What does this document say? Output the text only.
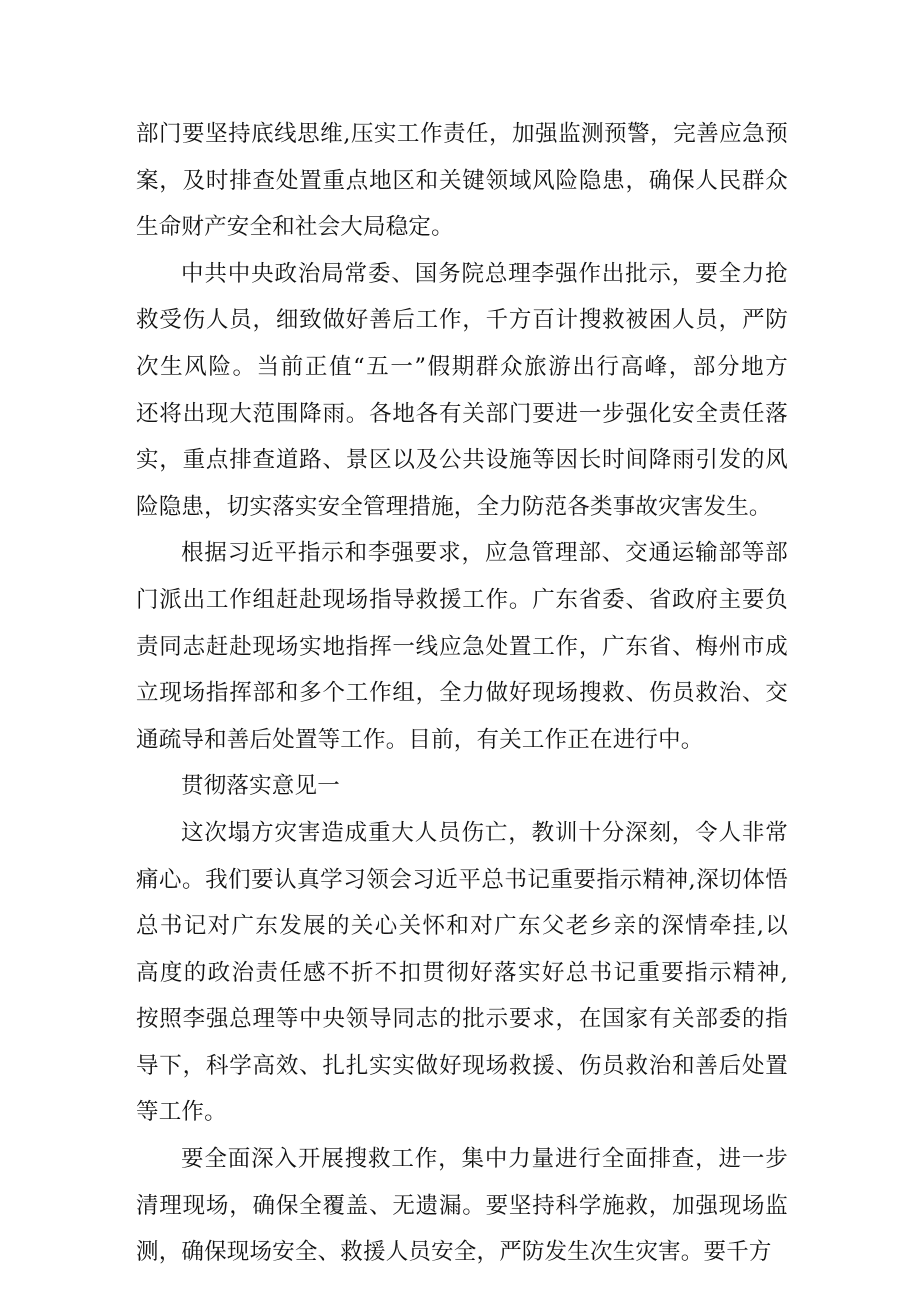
部门要坚持底线思维,压实工作责任，加强监测预警，完善应急预
案，及时排查处置重点地区和关键领域风险隐患，确保人民群众
生命财产安全和社会大局稳定。
中共中央政治局常委、国务院总理李强作出批示，要全力抢
救受伤人员，细致做好善后工作，千方百计搜救被困人员，严防
次生风险。当前正值“五一”假期群众旅游出行高峰，部分地方
还将出现大范围降雨。各地各有关部门要进一步强化安全责任落
实，重点排查道路、景区以及公共设施等因长时间降雨引发的风
险隐患，切实落实安全管理措施，全力防范各类事故灾害发生。
根据习近平指示和李强要求，应急管理部、交通运输部等部
门派出工作组赶赴现场指导救援工作。广东省委、省政府主要负
责同志赶赴现场实地指挥一线应急处置工作，广东省、梅州市成
立现场指挥部和多个工作组，全力做好现场搜救、伤员救治、交
通疏导和善后处置等工作。目前，有关工作正在进行中。
贯彻落实意见一
这次塌方灾害造成重大人员伤亡，教训十分深刻，令人非常
痛心。我们要认真学习领会习近平总书记重要指示精神,深切体悟
总书记对广东发展的关心关怀和对广东父老乡亲的深情牵挂,以
高度的政治责任感不折不扣贯彻好落实好总书记重要指示精神,
按照李强总理等中央领导同志的批示要求，在国家有关部委的指
导下，科学高效、扎扎实实做好现场救援、伤员救治和善后处置
等工作。
要全面深入开展搜救工作，集中力量进行全面排查，进一步
清理现场，确保全覆盖、无遗漏。要坚持科学施救，加强现场监
测，确保现场安全、救援人员安全，严防发生次生灾害。要千方
